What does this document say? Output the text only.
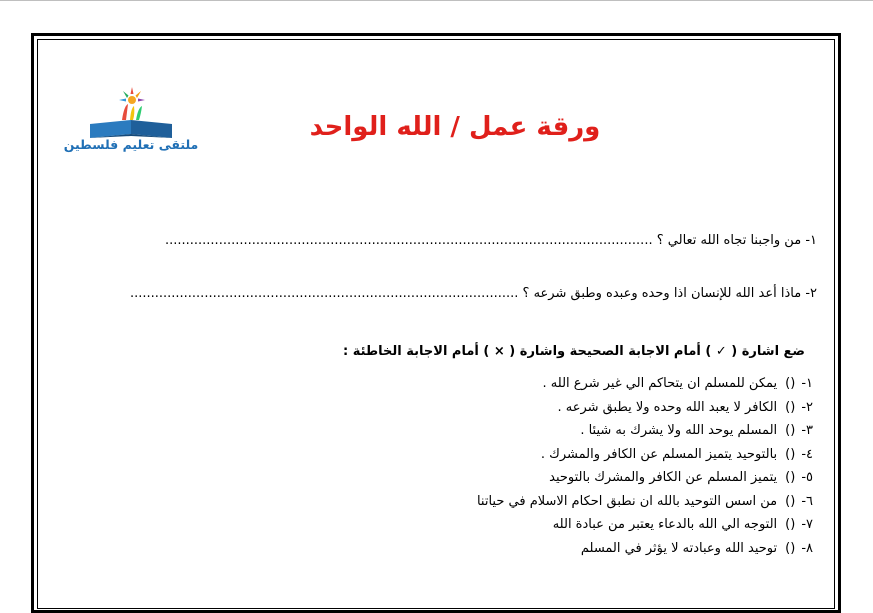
ملتقى تعليم فلسطين
ورقة عمل / الله الواحد
١- من واجبنا تجاه الله تعالي ؟ ......................................................................................................................
٢- ماذا أعد الله للإنسان اذا وحده وعبده وطبق شرعه ؟ ..............................................................................................
ضع اشارة ( ✓ ) أمام الاجابة الصحيحة واشارة ( × ) أمام الاجابة الخاطئة :
١-()يمكن للمسلم ان يتحاكم الي غير شرع الله .
٢-()الكافر لا يعبد الله وحده ولا يطبق شرعه .
٣-()المسلم يوحد الله ولا يشرك به شيئا .
٤-()بالتوحيد يتميز المسلم عن الكافر والمشرك .
٥-()يتميز المسلم عن الكافر والمشرك بالتوحيد
٦-()من اسس التوحيد بالله ان نطبق احكام الاسلام في حياتنا
٧-()التوجه الي الله بالدعاء يعتبر من عبادة الله
٨-()توحيد الله وعبادته لا يؤثر في المسلم
